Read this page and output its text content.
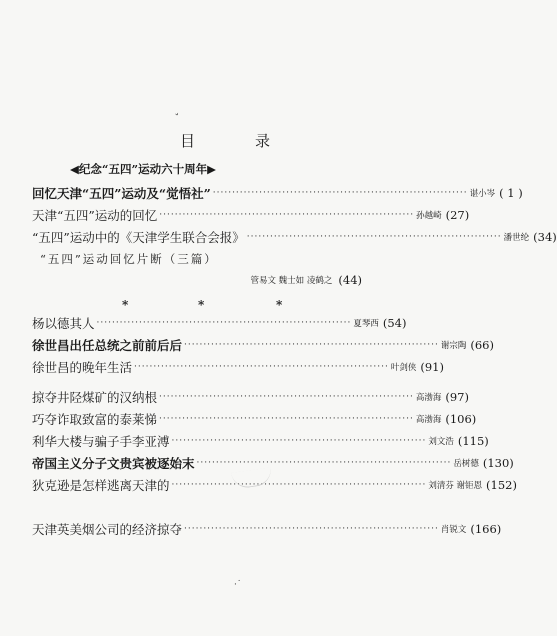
ˇ
目	录
◀纪念“五四”运动六十周年▶
回忆天津“五四”运动及“觉悟社” ·································································· 谌小岑 ( 1 )
天津“五四”运动的回忆 ·································································· 孙越崎 (27)
“五四”运动中的《天津学生联合会报》 ·································································· 潘世纶 (34)
“五四”运动回忆片断（三篇）
管易文 魏士如 凌鹤之 (44)
*	*	*
杨以德其人 ·································································· 夏琴西 (54)
徐世昌出任总统之前前后后 ·································································· 谢宗陶 (66)
徐世昌的晚年生活 ·································································· 叶剑侠 (91)
掠夺井陉煤矿的汉纳根 ·································································· 高渤海 (97)
巧夺诈取致富的泰莱悌 ·································································· 高渤海 (106)
利华大楼与骗子手李亚溥 ·································································· 刘文浩 (115)
帝国主义分子文贵宾被逐始末 ·································································· 岳树德 (130)
狄克逊是怎样逃离天津的 ·································································· 刘清芬 谢钜恩 (152)
天津英美烟公司的经济掠夺 ·································································· 肖锐文 (166)
·˙
